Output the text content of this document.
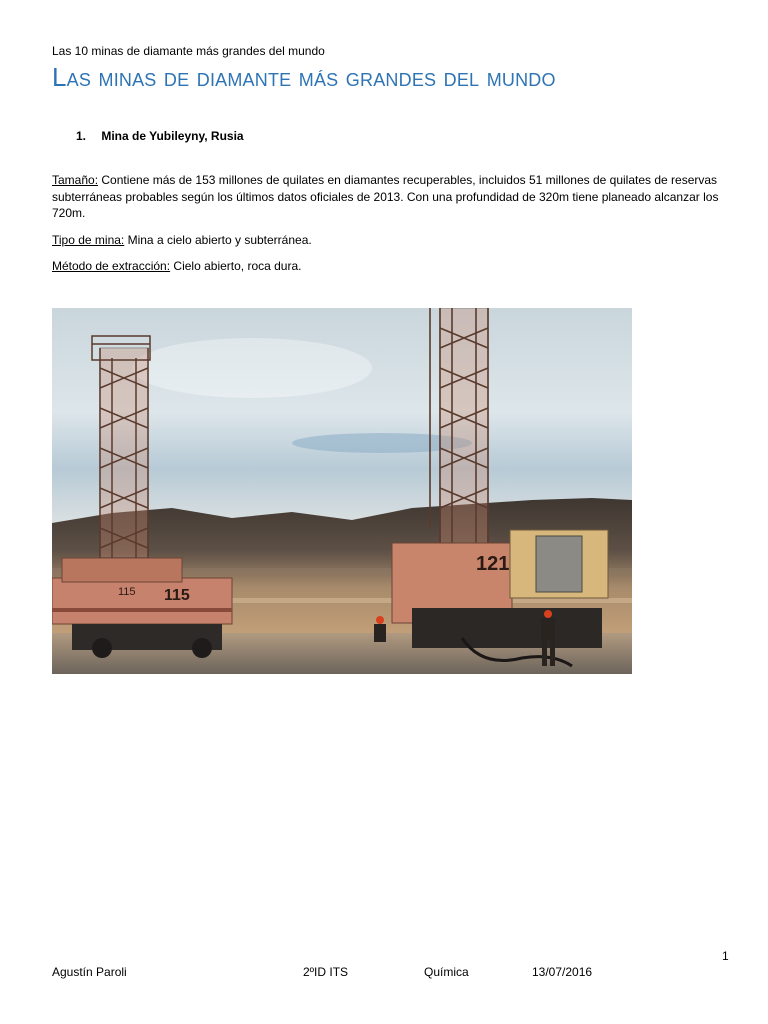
Las 10 minas de diamante más grandes del mundo
Las minas de diamante más grandes del mundo
1. Mina de Yubileyny, Rusia

Tamaño: Contiene más de 153 millones de quilates en diamantes recuperables, incluidos 51 millones de quilates de reservas subterráneas probables según los últimos datos oficiales de 2013. Con una profundidad de 320m tiene planeado alcanzar los 720m.

Tipo de mina: Mina a cielo abierto y subterránea.

Método de extracción: Cielo abierto, roca dura.

115 115
121
1
Agustín Paroli	2ºID ITS	Química	13/07/2016
